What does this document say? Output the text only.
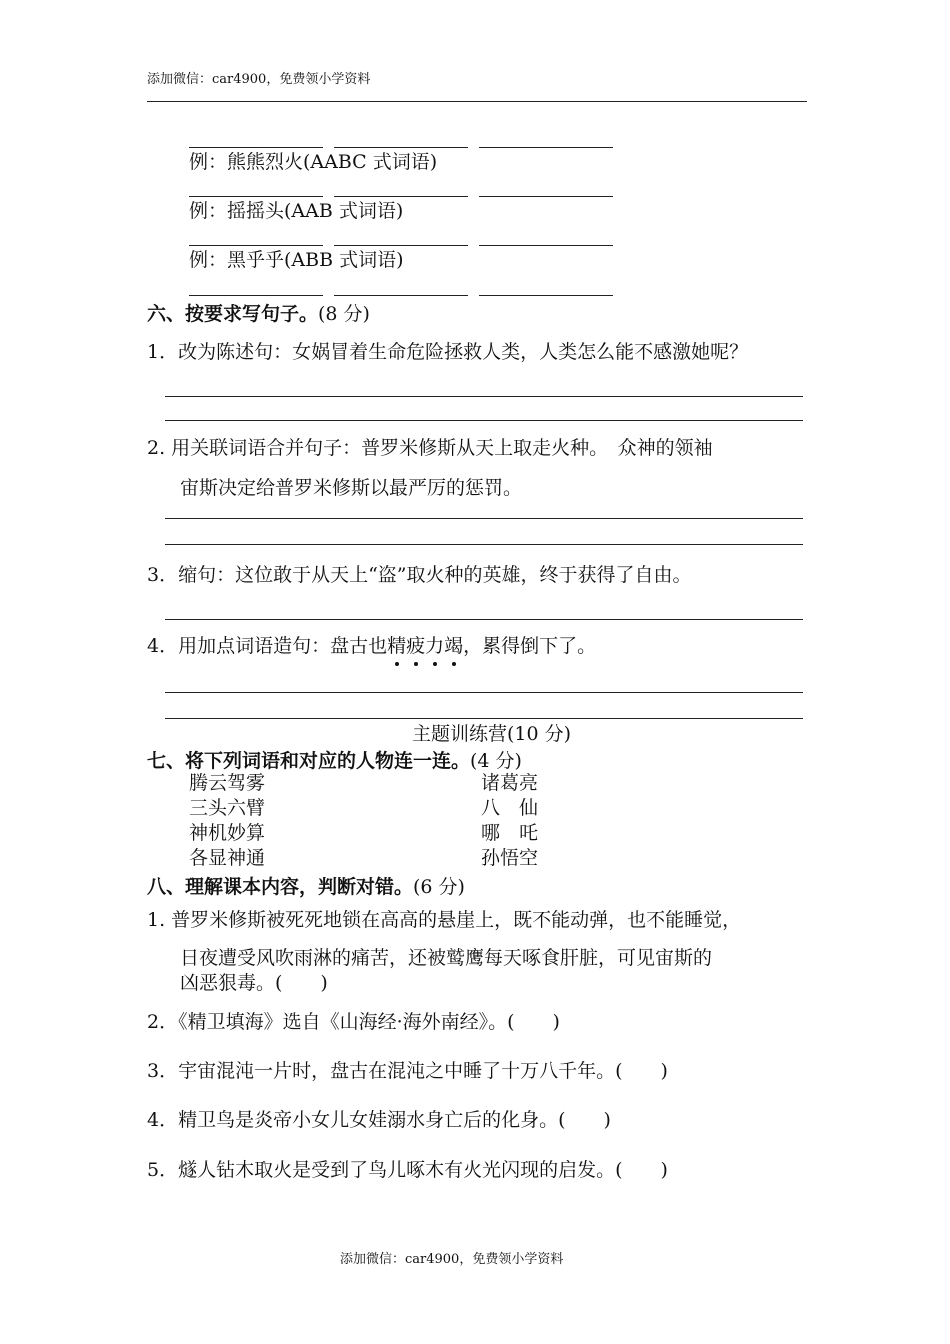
添加微信：car4900，免费领小学资料
例：熊熊烈火(AABC 式词语)
例：摇摇头(AAB 式词语)
例：黑乎乎(ABB 式词语)
六、按要求写句子。(8 分)
1．改为陈述句：女娲冒着生命危险拯救人类，人类怎么能不感激她呢？
2. 用关联词语合并句子：普罗米修斯从天上取走火种。　众神的领袖
宙斯决定给普罗米修斯以最严厉的惩罚。
3．缩句：这位敢于从天上“盗”取火种的英雄，终于获得了自由。
4．用加点词语造句：盘古也精疲力竭，累得倒下了。
主题训练营(10 分)
七、将下列词语和对应的人物连一连。(4 分)
腾云驾雾	诸葛亮
三头六臂	八　仙
神机妙算	哪　吒
各显神通	孙悟空
八、理解课本内容，判断对错。(6 分)
1. 普罗米修斯被死死地锁在高高的悬崖上，既不能动弹，也不能睡觉，
日夜遭受风吹雨淋的痛苦，还被鹫鹰每天啄食肝脏，可见宙斯的
凶恶狠毒。(　　)
2．《精卫填海》选自《山海经·海外南经》。(　　)
3．宇宙混沌一片时，盘古在混沌之中睡了十万八千年。(　　)
4．精卫鸟是炎帝小女儿女娃溺水身亡后的化身。(　　)
5．燧人钻木取火是受到了鸟儿啄木有火光闪现的启发。(　　)
添加微信：car4900，免费领小学资料
